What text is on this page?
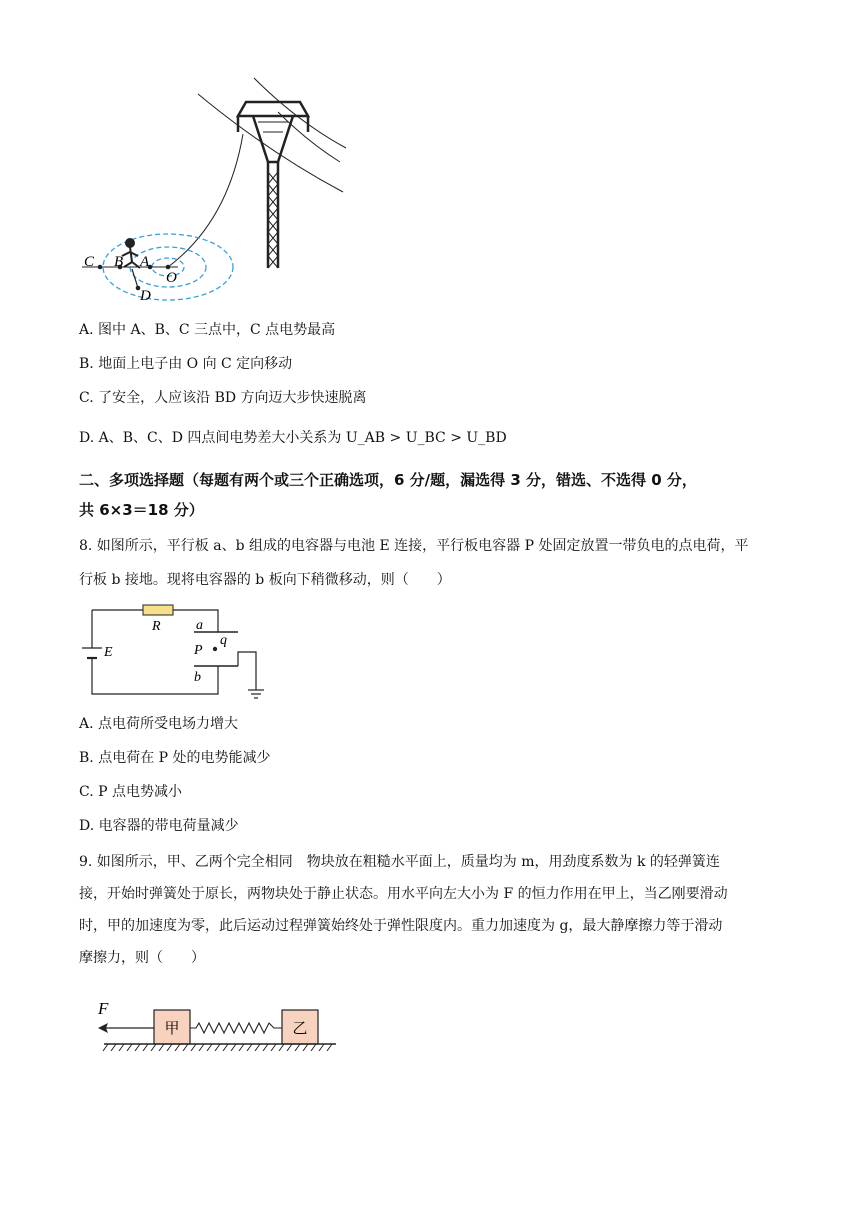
C B A
O
D
A. 图中 A、B、C 三点中，C 点电势最高
B. 地面上电子由 O 向 C 定向移动
C. 了安全，人应该沿 BD 方向迈大步快速脱离
D. A、B、C、D 四点间电势差大小关系为 U_AB > U_BC > U_BD
二、多项选择题（每题有两个或三个正确选项，6 分/题，漏选得 3 分，错选、不选得 0 分，
共 6×3＝18 分）
8. 如图所示，平行板 a、b 组成的电容器与电池 E 连接，平行板电容器 P 处固定放置一带负电的点电荷，平
行板 b 接地。现将电容器的 b 板向下稍微移动，则（　　）
R
E
a
q
P
b
A. 点电荷所受电场力增大
B. 点电荷在 P 处的电势能减少
C. P 点电势减小
D. 电容器的带电荷量减少
9. 如图所示，甲、乙两个完全相同　物块放在粗糙水平面上，质量均为 m，用劲度系数为 k 的轻弹簧连
接，开始时弹簧处于原长，两物块处于静止状态。用水平向左大小为 F 的恒力作用在甲上，当乙刚要滑动
时，甲的加速度为零，此后运动过程弹簧始终处于弹性限度内。重力加速度为 g，最大静摩擦力等于滑动
摩擦力，则（　　）
F
甲	乙
